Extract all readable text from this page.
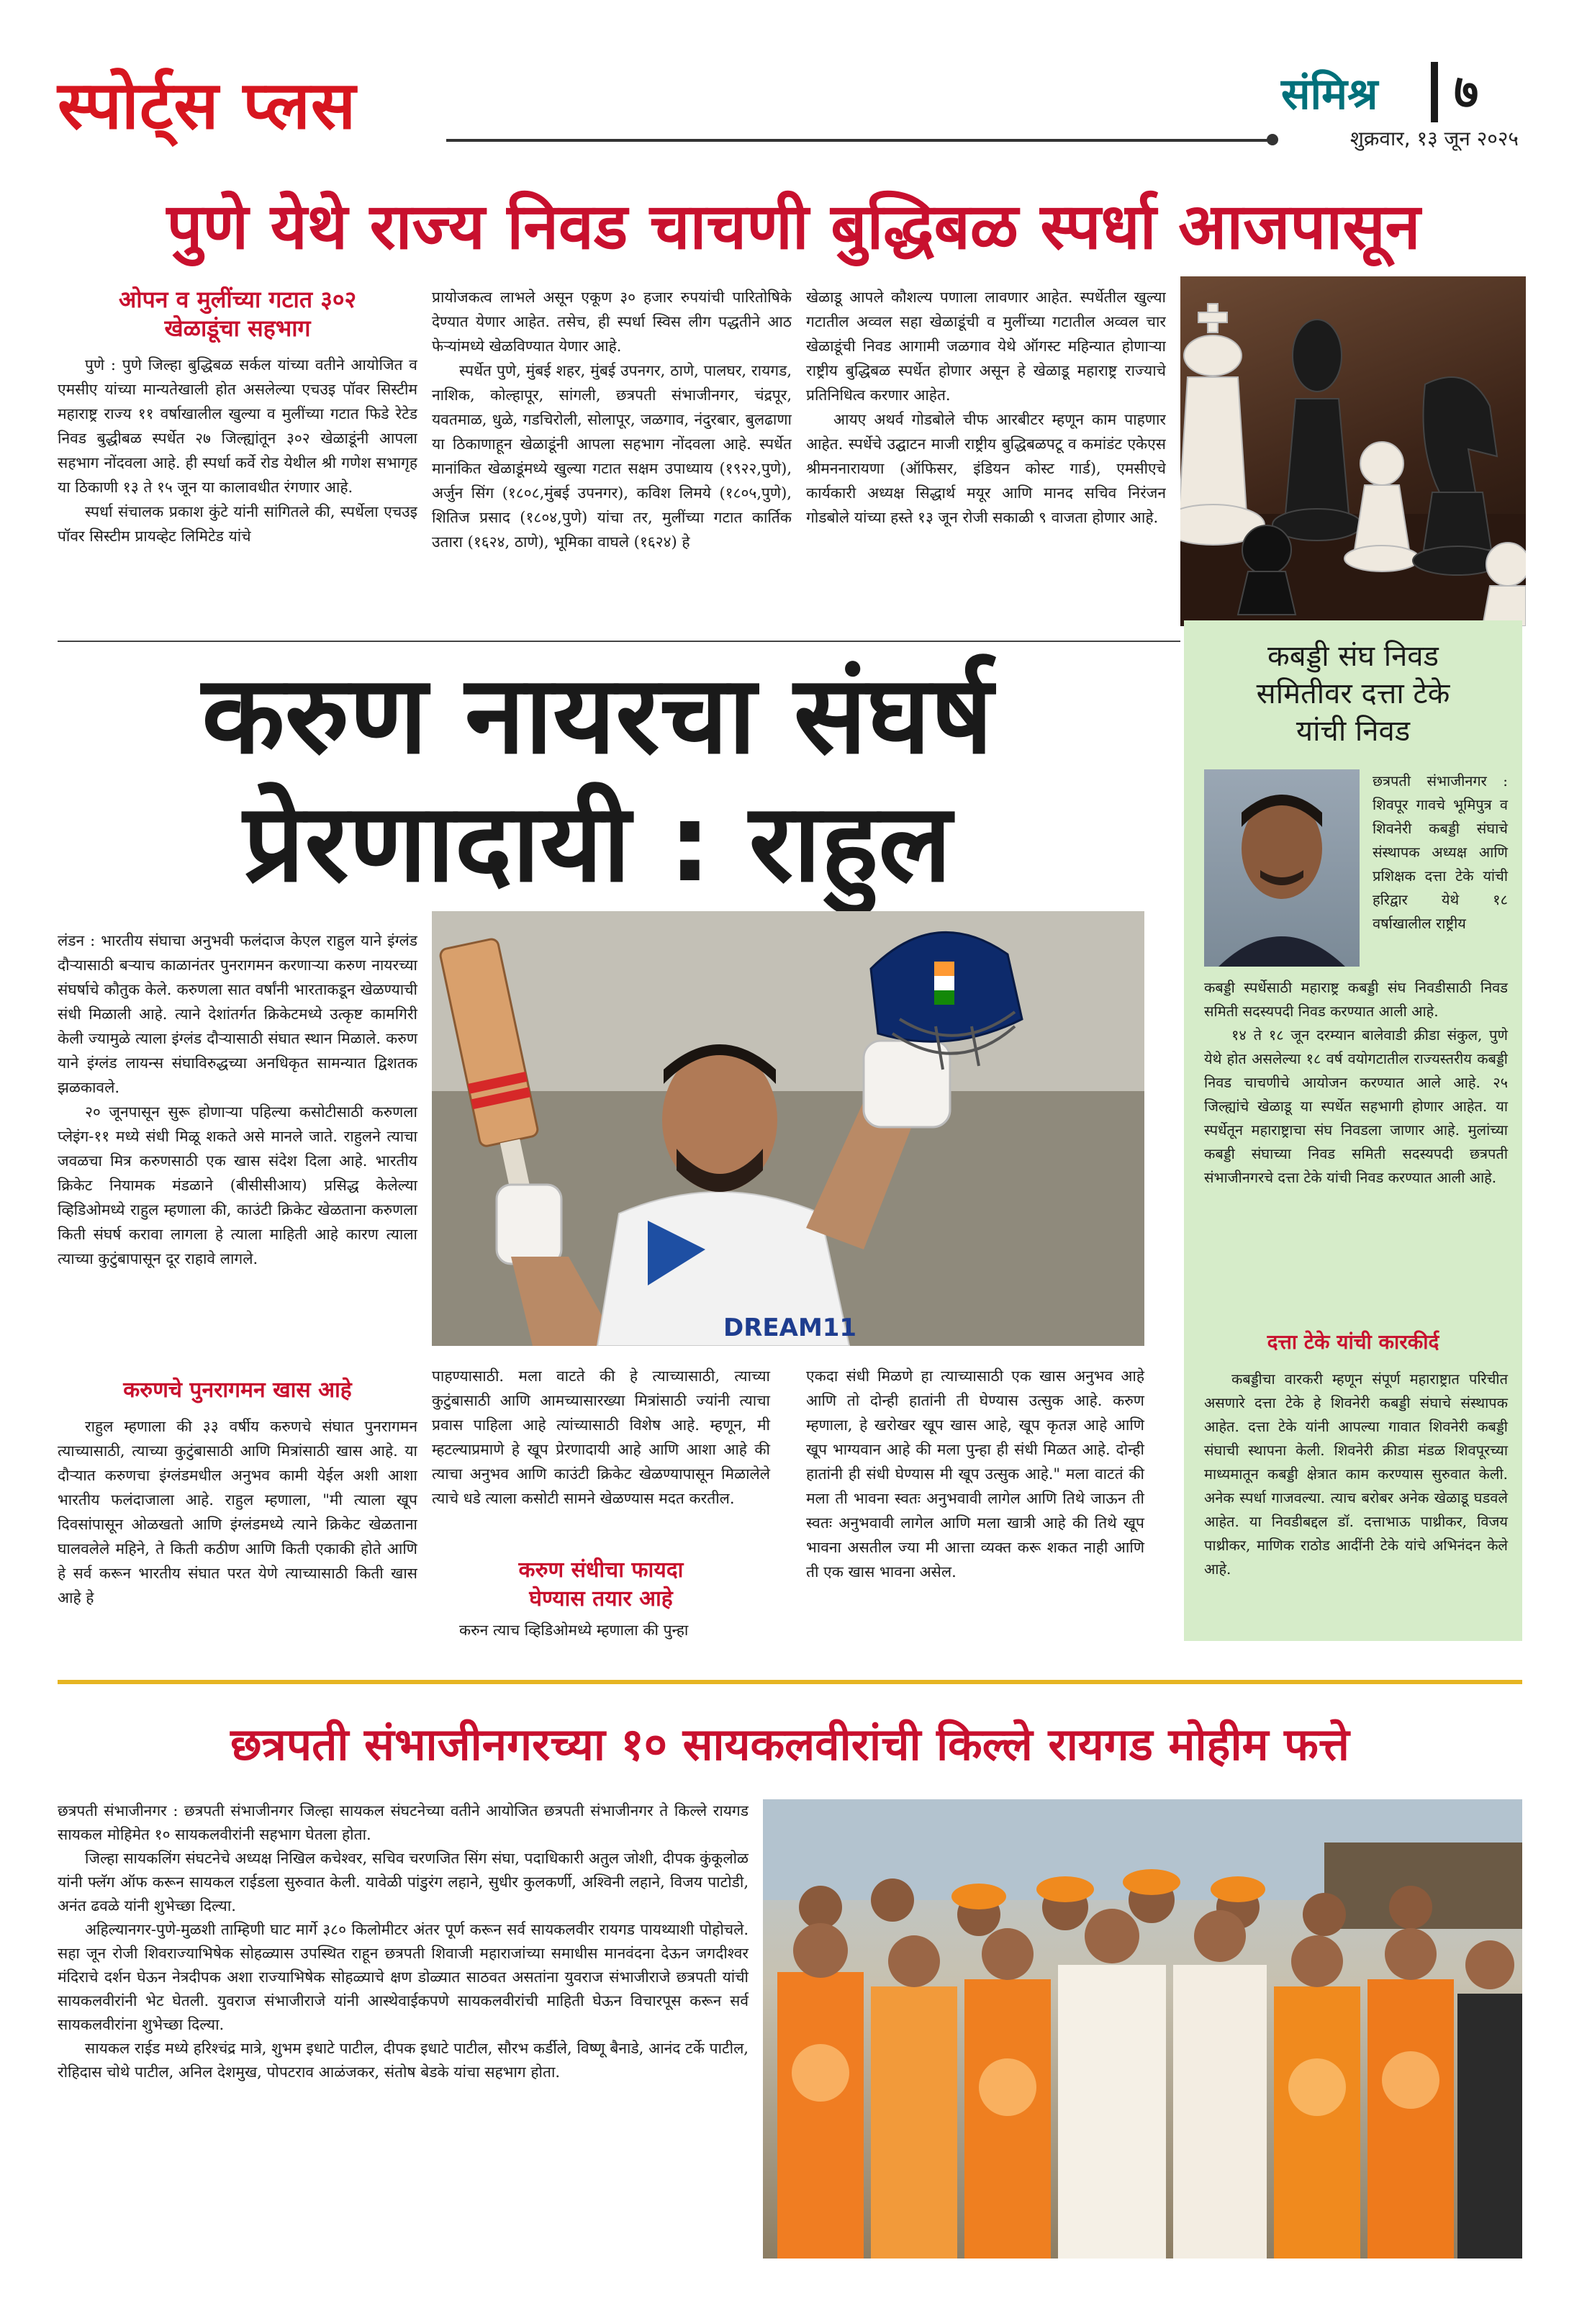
स्पोर्ट्स प्लस	संमिश्र ७
शुक्रवार, १३ जून २०२५
पुणे येथे राज्य निवड चाचणी बुद्धिबळ स्पर्धा आजपासून

ओपन व मुलींच्या गटात ३०२

खेळाडूंचा सहभाग

पुणे : पुणे जिल्हा बुद्धिबळ सर्कल यांच्या वतीने आयोजित व एमसीए यांच्या मान्यतेखाली होत असलेल्या एचउइ पॉवर सिस्टीम महाराष्ट्र राज्य ११ वर्षाखालील खुल्या व मुलींच्या गटात फिडे रेटेड निवड बुद्धीबळ स्पर्धेत २७ जिल्ह्यांतून ३०२ खेळाडूंनी आपला सहभाग नोंदवला आहे. ही स्पर्धा कर्वे रोड येथील श्री गणेश सभागृह या ठिकाणी १३ ते १५ जून या कालावधीत रंगणार आहे.

स्पर्धा संचालक प्रकाश कुंटे यांनी सांगितले की, स्पर्धेला एचउइ पॉवर सिस्टीम प्रायव्हेट लिमिटेड यांचे

प्रायोजकत्व लाभले असून एकूण ३० हजार रुपयांची पारितोषिके देण्यात येणार आहेत. तसेच, ही स्पर्धा स्विस लीग पद्धतीने आठ फेऱ्यांमध्ये खेळविण्यात येणार आहे.

स्पर्धेत पुणे, मुंबई शहर, मुंबई उपनगर, ठाणे, पालघर, रायगड, नाशिक, कोल्हापूर, सांगली, छत्रपती संभाजीनगर, चंद्रपूर, यवतमाळ, धुळे, गडचिरोली, सोलापूर, जळगाव, नंदुरबार, बुलढाणा या ठिकाणाहून खेळाडूंनी आपला सहभाग नोंदवला आहे. स्पर्धेत मानांकित खेळाडूंमध्ये खुल्या गटात सक्षम उपाध्याय (१९२२,पुणे), अर्जुन सिंग (१८०८,मुंबई उपनगर), कविश लिमये (१८०५,पुणे), शितिज प्रसाद (१८०४,पुणे) यांचा तर, मुलींच्या गटात कार्तिक उतारा (१६२४, ठाणे), भूमिका वाघले (१६२४) हे

खेळाडू आपले कौशल्य पणाला लावणार आहेत. स्पर्धेतील खुल्या गटातील अव्वल सहा खेळाडूंची व मुलींच्या गटातील अव्वल चार खेळाडूंची निवड आगामी जळगाव येथे ऑगस्ट महिन्यात होणाऱ्या राष्ट्रीय बुद्धिबळ स्पर्धेत होणार असून हे खेळाडू महाराष्ट्र राज्याचे प्रतिनिधित्व करणार आहेत.

आयए अथर्व गोडबोले चीफ आरबीटर म्हणून काम पाहणार आहेत. स्पर्धेचे उद्घाटन माजी राष्ट्रीय बुद्धिबळपटू व कमांडंट एकेएस श्रीमननारायणा (ऑफिसर, इंडियन कोस्ट गार्ड), एमसीएचे कार्यकारी अध्यक्ष सिद्धार्थ मयूर आणि मानद सचिव निरंजन गोडबोले यांच्या हस्ते १३ जून रोजी सकाळी ९ वाजता होणार आहे.

करुण नायरचा संघर्ष
प्रेरणादायी : राहुल

लंडन : भारतीय संघाचा अनुभवी फलंदाज केएल राहुल याने इंग्लंड दौऱ्यासाठी बऱ्याच काळानंतर पुनरागमन करणाऱ्या करुण नायरच्या संघर्षाचे कौतुक केले. करुणला सात वर्षांनी भारताकडून खेळण्याची संधी मिळाली आहे. त्याने देशांतर्गत क्रिकेटमध्ये उत्कृष्ट कामगिरी केली ज्यामुळे त्याला इंग्लंड दौऱ्यासाठी संघात स्थान मिळाले. करुण याने इंग्लंड लायन्स संघाविरुद्धच्या अनधिकृत सामन्यात द्विशतक झळकावले.

२० जूनपासून सुरू होणाऱ्या पहिल्या कसोटीसाठी करुणला प्लेइंग-११ मध्ये संधी मिळू शकते असे मानले जाते. राहुलने त्याचा जवळचा मित्र करुणसाठी एक खास संदेश दिला आहे. भारतीय क्रिकेट नियामक मंडळाने (बीसीसीआय) प्रसिद्ध केलेल्या व्हिडिओमध्ये राहुल म्हणाला की, काउंटी क्रिकेट खेळताना करुणला किती संघर्ष करावा लागला हे त्याला माहिती आहे कारण त्याला त्याच्या कुटुंबापासून दूर राहावे लागले.

करुणचे पुनरागमन खास आहे

राहुल म्हणाला की ३३ वर्षीय करुणचे संघात पुनरागमन त्याच्यासाठी, त्याच्या कुटुंबासाठी आणि मित्रांसाठी खास आहे. या दौऱ्यात करुणचा इंग्लंडमधील अनुभव कामी येईल अशी आशा भारतीय फलंदाजाला आहे. राहुल म्हणाला, "मी त्याला खूप दिवसांपासून ओळखतो आणि इंग्लंडमध्ये त्याने क्रिकेट खेळताना घालवलेले महिने, ते किती कठीण आणि किती एकाकी होते आणि हे सर्व करून भारतीय संघात परत येणे त्याच्यासाठी किती खास आहे हे

DREAM11

पाहण्यासाठी. मला वाटते की हे त्याच्यासाठी, त्याच्या कुटुंबासाठी आणि आमच्यासारख्या मित्रांसाठी ज्यांनी त्याचा प्रवास पाहिला आहे त्यांच्यासाठी विशेष आहे. म्हणून, मी म्हटल्याप्रमाणे हे खूप प्रेरणादायी आहे आणि आशा आहे की त्याचा अनुभव आणि काउंटी क्रिकेट खेळण्यापासून मिळालेले त्याचे धडे त्याला कसोटी सामने खेळण्यास मदत करतील.

करुण संधीचा फायदा
घेण्यास तयार आहे

करुन त्याच व्हिडिओमध्ये म्हणाला की पुन्हा

एकदा संधी मिळणे हा त्याच्यासाठी एक खास अनुभव आहे आणि तो दोन्ही हातांनी ती घेण्यास उत्सुक आहे. करुण म्हणाला, हे खरोखर खूप खास आहे, खूप कृतज्ञ आहे आणि खूप भाग्यवान आहे की मला पुन्हा ही संधी मिळत आहे. दोन्ही हातांनी ही संधी घेण्यास मी खूप उत्सुक आहे." मला वाटतं की मला ती भावना स्वतः अनुभवावी लागेल आणि तिथे जाऊन ती स्वतः अनुभवावी लागेल आणि मला खात्री आहे की तिथे खूप भावना असतील ज्या मी आत्ता व्यक्त करू शकत नाही आणि ती एक खास भावना असेल.

कबड्डी संघ निवड
समितीवर दत्ता टेके
यांची निवड

छत्रपती संभाजीनगर : शिवपूर गावचे भूमिपुत्र व शिवनेरी कबड्डी संघाचे संस्थापक अध्यक्ष आणि प्रशिक्षक दत्ता टेके यांची हरिद्वार येथे १८ वर्षाखालील राष्ट्रीय

कबड्डी स्पर्धेसाठी महाराष्ट्र कबड्डी संघ निवडीसाठी निवड समिती सदस्यपदी निवड करण्यात आली आहे.

१४ ते १८ जून दरम्यान बालेवाडी क्रीडा संकुल, पुणे येथे होत असलेल्या १८ वर्ष वयोगटातील राज्यस्तरीय कबड्डी निवड चाचणीचे आयोजन करण्यात आले आहे. २५ जिल्ह्यांचे खेळाडू या स्पर्धेत सहभागी होणार आहेत. या स्पर्धेतून महाराष्ट्राचा संघ निवडला जाणार आहे. मुलांच्या कबड्डी संघाच्या निवड समिती सदस्यपदी छत्रपती संभाजीनगरचे दत्ता टेके यांची निवड करण्यात आली आहे.

दत्ता टेके यांची कारकीर्द

कबड्डीचा वारकरी म्हणून संपूर्ण महाराष्ट्रात परिचीत असणारे दत्ता टेके हे शिवनेरी कबड्डी संघाचे संस्थापक आहेत. दत्ता टेके यांनी आपल्या गावात शिवनेरी कबड्डी संघाची स्थापना केली. शिवनेरी क्रीडा मंडळ शिवपूरच्या माध्यमातून कबड्डी क्षेत्रात काम करण्यास सुरुवात केली. अनेक स्पर्धा गाजवल्या. त्याच बरोबर अनेक खेळाडू घडवले आहेत. या निवडीबद्दल डॉ. दत्ताभाऊ पाथ्रीकर, विजय पाथ्रीकर, माणिक राठोड आदींनी टेके यांचे अभिनंदन केले आहे.

छत्रपती संभाजीनगरच्या १० सायकलवीरांची किल्ले रायगड मोहीम फत्ते

छत्रपती संभाजीनगर : छत्रपती संभाजीनगर जिल्हा सायकल संघटनेच्या वतीने आयोजित छत्रपती संभाजीनगर ते किल्ले रायगड सायकल मोहिमेत १० सायकलवीरांनी सहभाग घेतला होता.

जिल्हा सायकलिंग संघटनेचे अध्यक्ष निखिल कचेश्वर, सचिव चरणजित सिंग संघा, पदाधिकारी अतुल जोशी, दीपक कुंकूलोळ यांनी फ्लॅग ऑफ करून सायकल राईडला सुरुवात केली. यावेळी पांडुरंग लहाने, सुधीर कुलकर्णी, अश्विनी लहाने, विजय पाटोडी, अनंत ढवळे यांनी शुभेच्छा दिल्या.

अहिल्यानगर-पुणे-मुळशी ताम्हिणी घाट मार्गे ३८० किलोमीटर अंतर पूर्ण करून सर्व सायकलवीर रायगड पायथ्याशी पोहोचले. सहा जून रोजी शिवराज्याभिषेक सोहळ्यास उपस्थित राहून छत्रपती शिवाजी महाराजांच्या समाधीस मानवंदना देऊन जगदीश्वर मंदिराचे दर्शन घेऊन नेत्रदीपक अशा राज्याभिषेक सोहळ्याचे क्षण डोळ्यात साठवत असतांना युवराज संभाजीराजे छत्रपती यांची सायकलवीरांनी भेट घेतली. युवराज संभाजीराजे यांनी आस्थेवाईकपणे सायकलवीरांची माहिती घेऊन विचारपूस करून सर्व सायकलवीरांना शुभेच्छा दिल्या.

सायकल राईड मध्ये हरिश्चंद्र मात्रे, शुभम इधाटे पाटील, दीपक इधाटे पाटील, सौरभ कर्डीले, विष्णू बैनाडे, आनंद टर्के पाटील, रोहिदास चोथे पाटील, अनिल देशमुख, पोपटराव आळंजकर, संतोष बेडके यांचा सहभाग होता.
